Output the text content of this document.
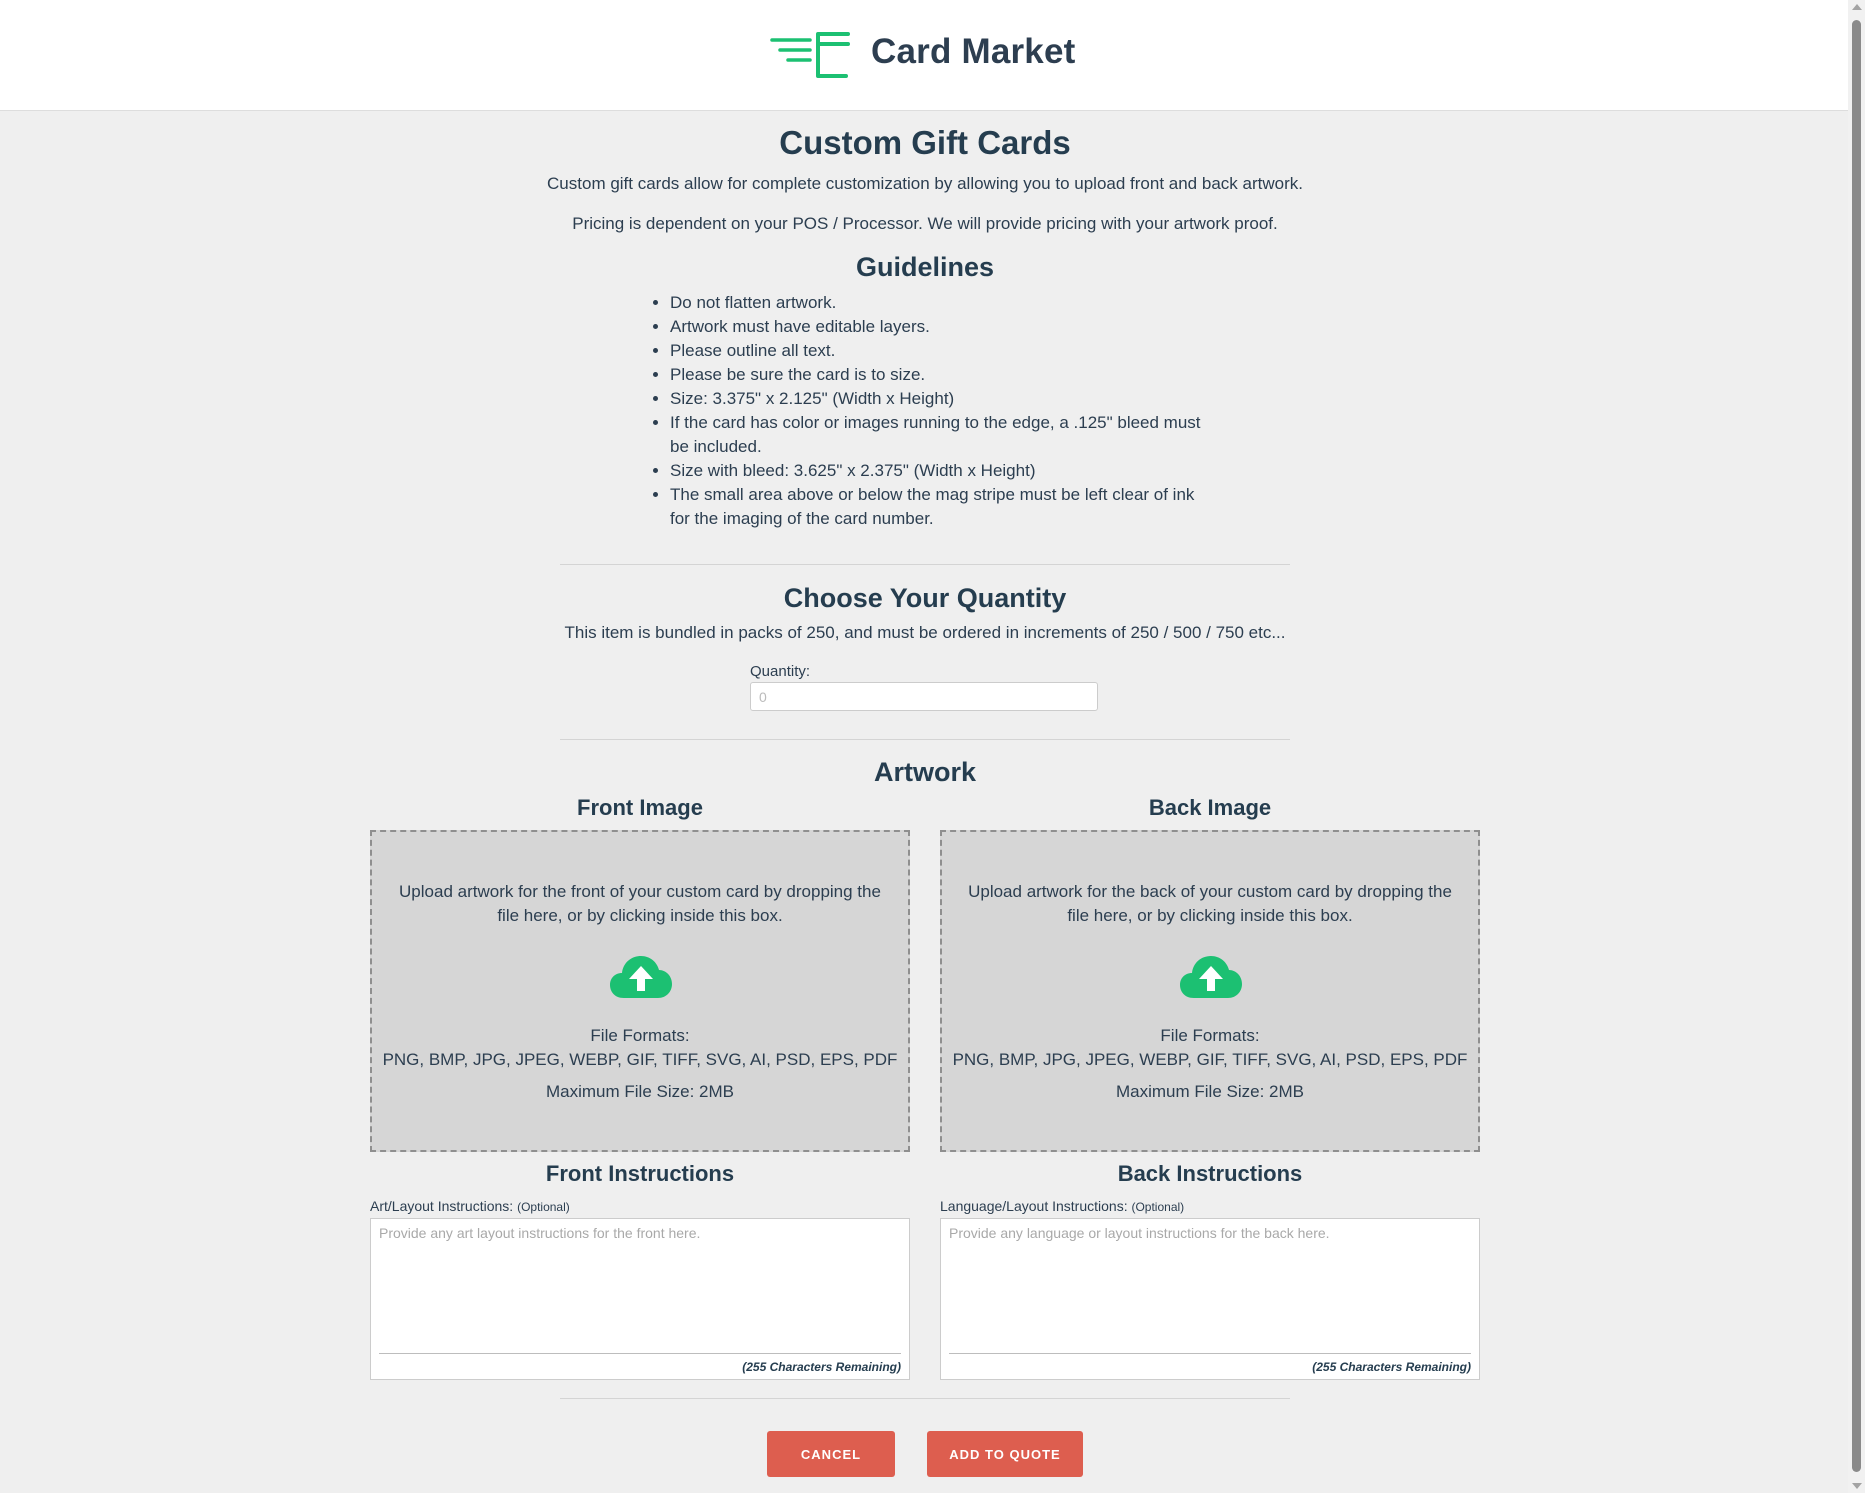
Card Market
Custom Gift Cards
Custom gift cards allow for complete customization by allowing you to upload front and back artwork.
Pricing is dependent on your POS / Processor. We will provide pricing with your artwork proof.
Guidelines
• Do not flatten artwork.
• Artwork must have editable layers.
• Please outline all text.
• Please be sure the card is to size.
• Size: 3.375" x 2.125" (Width x Height)
• If the card has color or images running to the edge, a .125" bleed must be included.
• Size with bleed: 3.625" x 2.375" (Width x Height)
• The small area above or below the mag stripe must be left clear of ink for the imaging of the card number.
Choose Your Quantity
This item is bundled in packs of 250, and must be ordered in increments of 250 / 500 / 750 etc...
Quantity:
0
Artwork
Front Image	Back Image
Upload artwork for the front of your custom card by dropping the file here, or by clicking inside this box.
File Formats:
PNG, BMP, JPG, JPEG, WEBP, GIF, TIFF, SVG, AI, PSD, EPS, PDF
Maximum File Size: 2MB
Upload artwork for the back of your custom card by dropping the file here, or by clicking inside this box.
File Formats:
PNG, BMP, JPG, JPEG, WEBP, GIF, TIFF, SVG, AI, PSD, EPS, PDF
Maximum File Size: 2MB
Front Instructions	Back Instructions
Art/Layout Instructions: (Optional)	Language/Layout Instructions: (Optional)
Provide any art layout instructions for the front here.
(255 Characters Remaining)
Provide any language or layout instructions for the back here.	(255 Characters Remaining)
CANCEL	ADD TO QUOTE
